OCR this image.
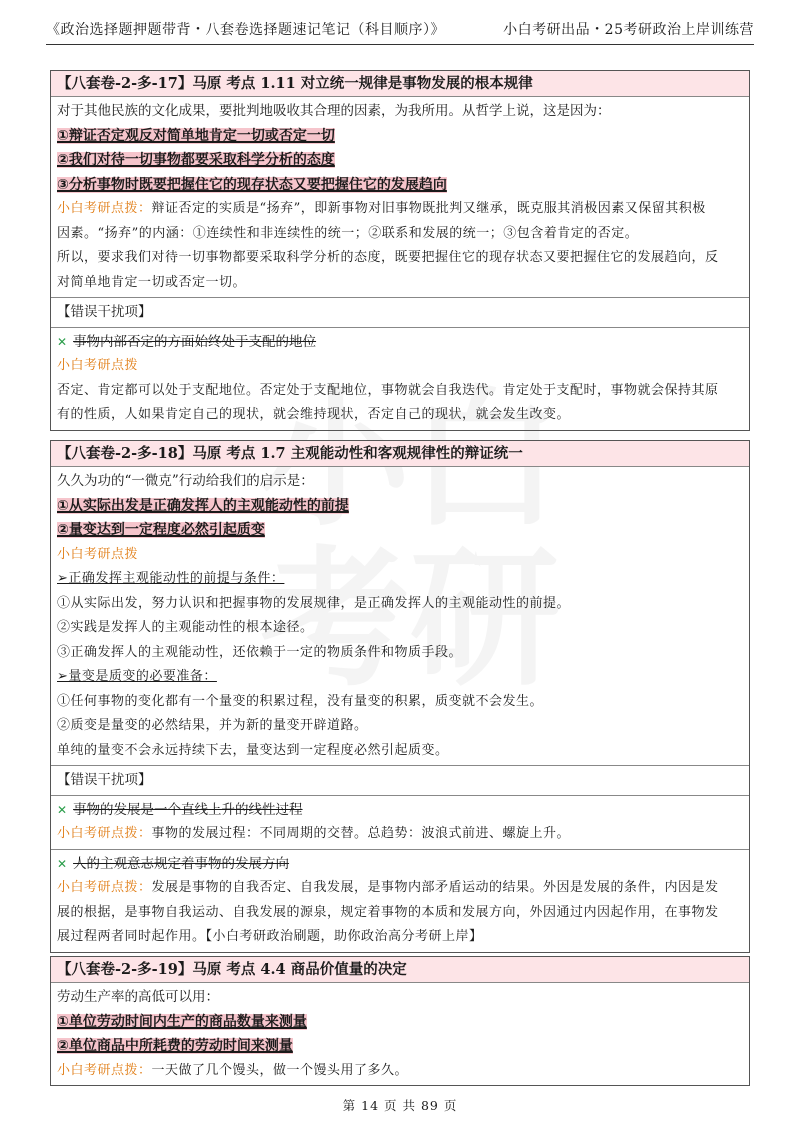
《政治选择题押题带背・八套卷选择题速记笔记（科目顺序）》	小白考研出品・25考研政治上岸训练营
【八套卷-2-多-17】马原 考点 1.11 对立统一规律是事物发展的根本规律
对于其他民族的文化成果，要批判地吸收其合理的因素，为我所用。从哲学上说，这是因为：
①辩证否定观反对简单地肯定一切或否定一切
②我们对待一切事物都要采取科学分析的态度
③分析事物时既要把握住它的现存状态又要把握住它的发展趋向
小白考研点拨：辩证否定的实质是“扬弃”，即新事物对旧事物既批判又继承，既克服其消极因素又保留其积极
因素。“扬弃”的内涵：①连续性和非连续性的统一；②联系和发展的统一；③包含着肯定的否定。
所以，要求我们对待一切事物都要采取科学分析的态度，既要把握住它的现存状态又要把握住它的发展趋向，反
对简单地肯定一切或否定一切。
【错误干扰项】
✕ 事物内部否定的方面始终处于支配的地位
小白考研点拨
否定、肯定都可以处于支配地位。否定处于支配地位，事物就会自我迭代。肯定处于支配时，事物就会保持其原
有的性质，人如果肯定自己的现状，就会维持现状，否定自己的现状，就会发生改变。
【八套卷-2-多-18】马原 考点 1.7 主观能动性和客观规律性的辩证统一
久久为功的“一微克”行动给我们的启示是：
①从实际出发是正确发挥人的主观能动性的前提
②量变达到一定程度必然引起质变
小白考研点拨
➢正确发挥主观能动性的前提与条件：
①从实际出发，努力认识和把握事物的发展规律，是正确发挥人的主观能动性的前提。
②实践是发挥人的主观能动性的根本途径。
③正确发挥人的主观能动性，还依赖于一定的物质条件和物质手段。
➢量变是质变的必要准备：
①任何事物的变化都有一个量变的积累过程，没有量变的积累，质变就不会发生。
②质变是量变的必然结果，并为新的量变开辟道路。
单纯的量变不会永远持续下去，量变达到一定程度必然引起质变。
【错误干扰项】
✕ 事物的发展是一个直线上升的线性过程
小白考研点拨：事物的发展过程：不同周期的交替。总趋势：波浪式前进、螺旋上升。
✕ 人的主观意志规定着事物的发展方向
小白考研点拨：发展是事物的自我否定、自我发展，是事物内部矛盾运动的结果。外因是发展的条件，内因是发
展的根据，是事物自我运动、自我发展的源泉，规定着事物的本质和发展方向，外因通过内因起作用，在事物发
展过程两者同时起作用。【小白考研政治刷题，助你政治高分考研上岸】
【八套卷-2-多-19】马原 考点 4.4 商品价值量的决定
劳动生产率的高低可以用：
①单位劳动时间内生产的商品数量来测量
②单位商品中所耗费的劳动时间来测量
小白考研点拨：一天做了几个馒头，做一个馒头用了多久。
第 14 页 共 89 页
